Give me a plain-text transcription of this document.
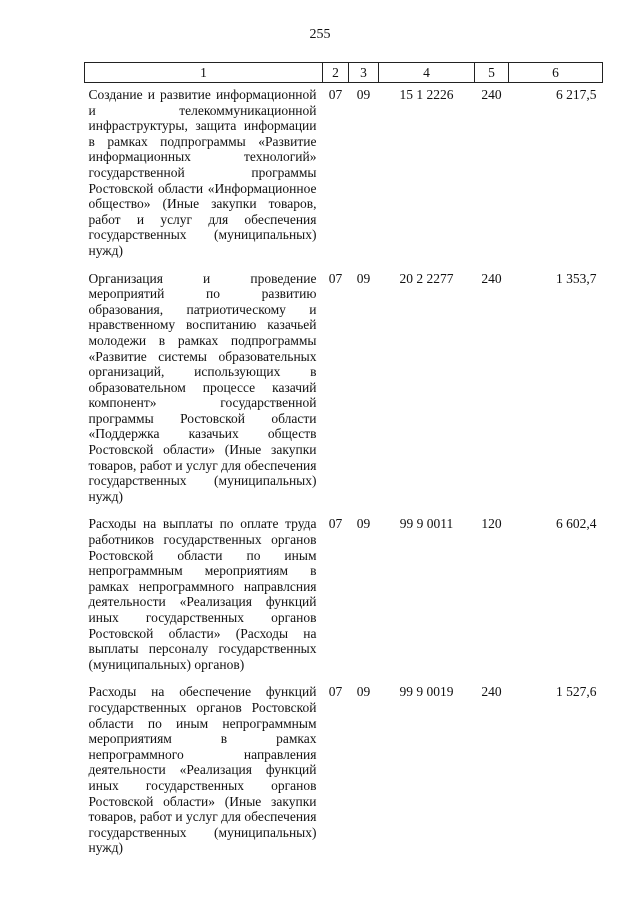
255
1	2	3	4	5	6
Создание и развитие информационной и телекоммуникационной инфраструктуры, защита информации в рамках подпрограммы «Развитие информационных технологий» государственной программы Ростовской области «Информационное общество» (Иные закупки товаров, работ и услуг для обеспечения государственных (муниципальных) нужд)	07	09	15 1 2226	240	6 217,5
Организация и проведение мероприятий по развитию образования, патриотическому и нравственному воспитанию казачьей молодежи в рамках подпрограммы «Развитие системы образовательных организаций, использующих в образовательном процессе казачий компонент» государственной программы Ростовской области «Поддержка казачьих обществ Ростовской области» (Иные закупки товаров, работ и услуг для обеспечения государственных (муниципальных) нужд)	07	09	20 2 2277	240	1 353,7
Расходы на выплаты по оплате труда работников государственных органов Ростовской области по иным непрограммным мероприятиям в рамках непрограммного направлсния деятельности «Реализация функций иных государственных органов Ростовской области» (Расходы на выплаты персоналу государственных (муниципальных) органов)	07	09	99 9 0011	120	6 602,4
Расходы на обеспечение функций государственных органов Ростовской области по иным непрограммным мероприятиям в рамках непрограммного направления деятельности «Реализация функций иных государственных органов Ростовской области» (Иные закупки товаров, работ и услуг для обеспечения государственных (муниципальных) нужд)	07	09	99 9 0019	240	1 527,6
